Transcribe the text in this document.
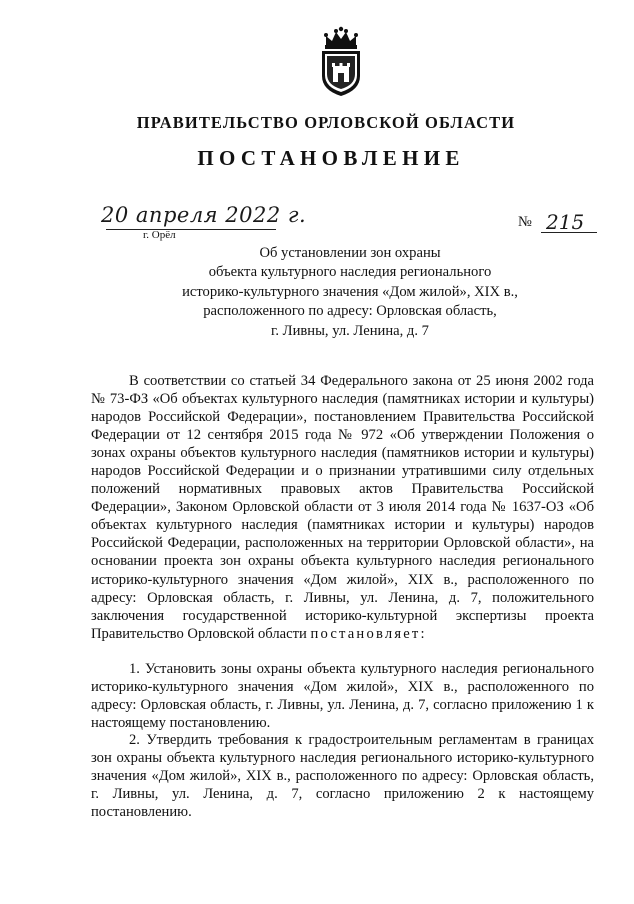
ПРАВИТЕЛЬСТВО ОРЛОВСКОЙ ОБЛАСТИ
ПОСТАНОВЛЕНИЕ
20 апреля 2022 г.
г. Орёл
№ 215
Об установлении зон охраны
объекта культурного наследия регионального
историко-культурного значения «Дом жилой», XIX в.,
расположенного по адресу: Орловская область,
г. Ливны, ул. Ленина, д. 7

В соответствии со статьей 34 Федерального закона от 25 июня 2002 года № 73-ФЗ «Об объектах культурного наследия (памятниках истории и культуры) народов Российской Федерации», постановлением Правительства Российской Федерации от 12 сентября 2015 года № 972 «Об утверждении Положения о зонах охраны объектов культурного наследия (памятников истории и культуры) народов Российской Федерации и о признании утратившими силу отдельных положений нормативных правовых актов Правительства Российской Федерации», Законом Орловской области от 3 июля 2014 года № 1637-ОЗ «Об объектах культурного наследия (памятниках истории и культуры) народов Российской Федерации, расположенных на территории Орловской области», на основании проекта зон охраны объекта культурного наследия регионального историко-культурного значения «Дом жилой», XIX в., расположенного по адресу: Орловская область, г. Ливны, ул. Ленина, д. 7, положительного заключения государственной историко-культурной экспертизы проекта Правительство Орловской области постановляет:

1. Установить зоны охраны объекта культурного наследия регионального историко-культурного значения «Дом жилой», XIX в., расположенного по адресу: Орловская область, г. Ливны, ул. Ленина, д. 7, согласно приложению 1 к настоящему постановлению.

2. Утвердить требования к градостроительным регламентам в границах зон охраны объекта культурного наследия регионального историко-культурного значения «Дом жилой», XIX в., расположенного по адресу: Орловская область, г. Ливны, ул. Ленина, д. 7, согласно приложению 2 к настоящему постановлению.
